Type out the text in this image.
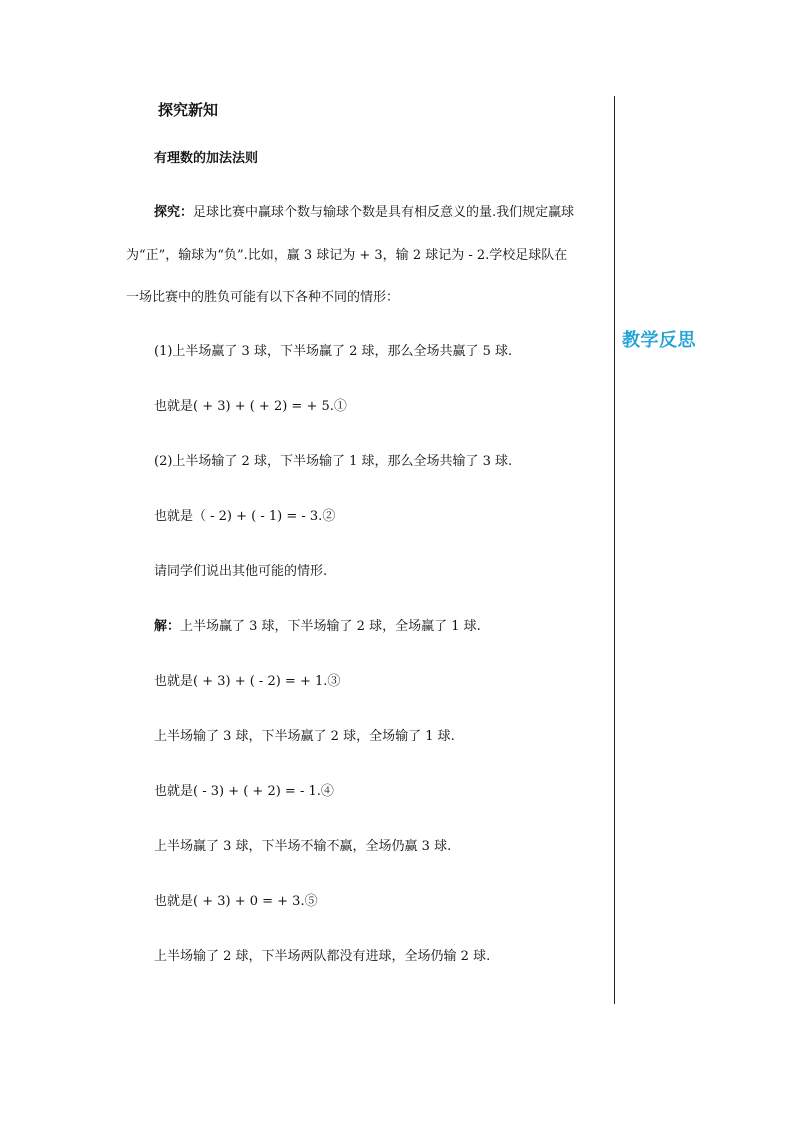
教学反思
探究新知
有理数的加法法则
探究：足球比赛中赢球个数与输球个数是具有相反意义的量.我们规定赢球
为“正”，输球为“负”.比如，赢 3 球记为 + 3，输 2 球记为 - 2.学校足球队在
一场比赛中的胜负可能有以下各种不同的情形：
(1)上半场赢了 3 球，下半场赢了 2 球，那么全场共赢了 5 球.
也就是( + 3) + ( + 2) = + 5.①
(2)上半场输了 2 球，下半场输了 1 球，那么全场共输了 3 球.
也就是（ - 2) + ( - 1) = - 3.②
请同学们说出其他可能的情形.
解：上半场赢了 3 球，下半场输了 2 球，全场赢了 1 球.
也就是( + 3) + ( - 2) = + 1.③
上半场输了 3 球，下半场赢了 2 球，全场输了 1 球.
也就是( - 3) + ( + 2) = - 1.④
上半场赢了 3 球，下半场不输不赢，全场仍赢 3 球.
也就是( + 3) + 0 = + 3.⑤
上半场输了 2 球，下半场两队都没有进球，全场仍输 2 球.
